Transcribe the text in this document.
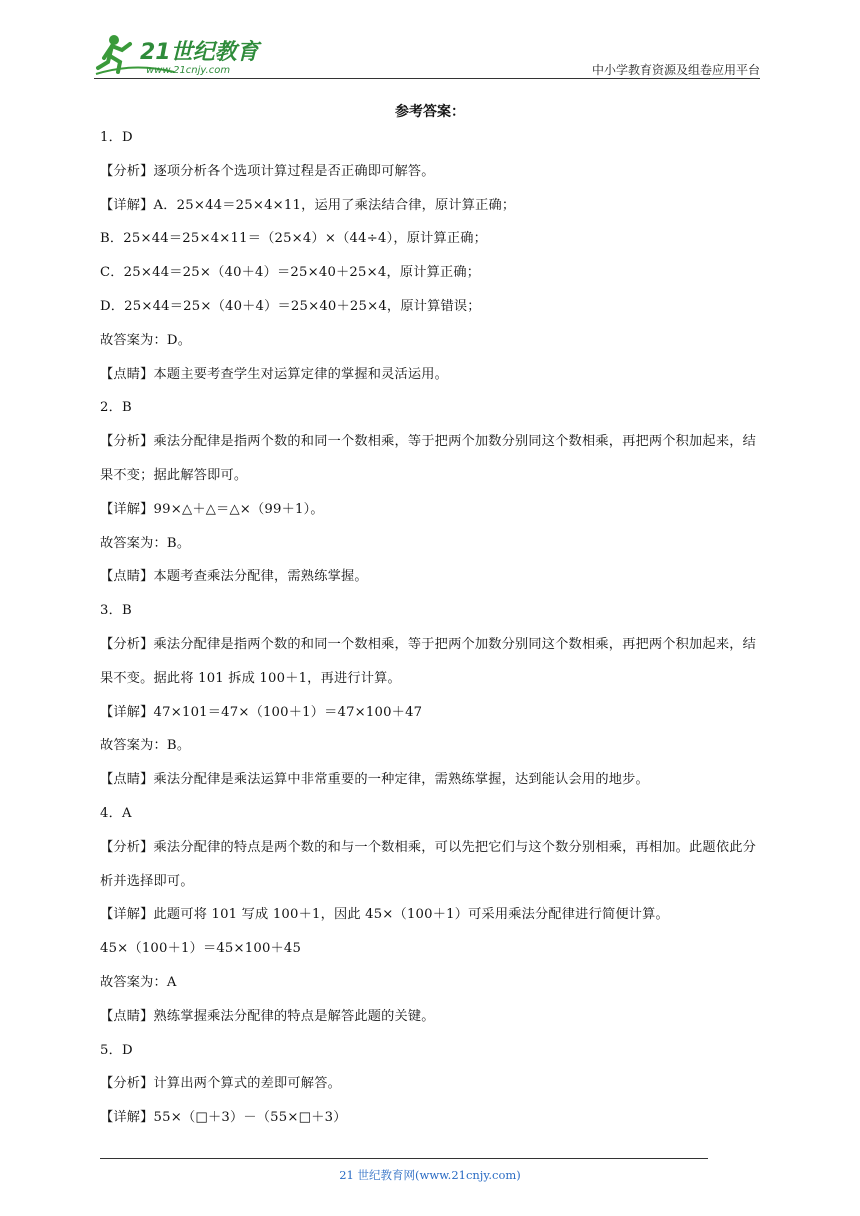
21世纪教育
www.21cnjy.com	中小学教育资源及组卷应用平台
参考答案：
1．D
【分析】逐项分析各个选项计算过程是否正确即可解答。
【详解】A．25×44＝25×4×11，运用了乘法结合律，原计算正确；
B．25×44＝25×4×11＝（25×4）×（44÷4），原计算正确；
C．25×44＝25×（40＋4）＝25×40＋25×4，原计算正确；
D．25×44＝25×（40＋4）＝25×40＋25×4，原计算错误；
故答案为：D。
【点睛】本题主要考查学生对运算定律的掌握和灵活运用。
2．B
【分析】乘法分配律是指两个数的和同一个数相乘，等于把两个加数分别同这个数相乘，再把两个积加起来，结果不变；据此解答即可。
【详解】99×△＋△＝△×（99＋1）。
故答案为：B。
【点睛】本题考查乘法分配律，需熟练掌握。
3．B
【分析】乘法分配律是指两个数的和同一个数相乘，等于把两个加数分别同这个数相乘，再把两个积加起来，结果不变。据此将 101 拆成 100＋1，再进行计算。
【详解】47×101＝47×（100＋1）＝47×100＋47
故答案为：B。
【点睛】乘法分配律是乘法运算中非常重要的一种定律，需熟练掌握，达到能认会用的地步。
4．A
【分析】乘法分配律的特点是两个数的和与一个数相乘，可以先把它们与这个数分别相乘，再相加。此题依此分析并选择即可。
【详解】此题可将 101 写成 100＋1，因此 45×（100＋1）可采用乘法分配律进行简便计算。
45×（100＋1）＝45×100＋45
故答案为：A
【点睛】熟练掌握乘法分配律的特点是解答此题的关键。
5．D
【分析】计算出两个算式的差即可解答。
【详解】55×（□＋3）－（55×□＋3）
21 世纪教育网(www.21cnjy.com)
